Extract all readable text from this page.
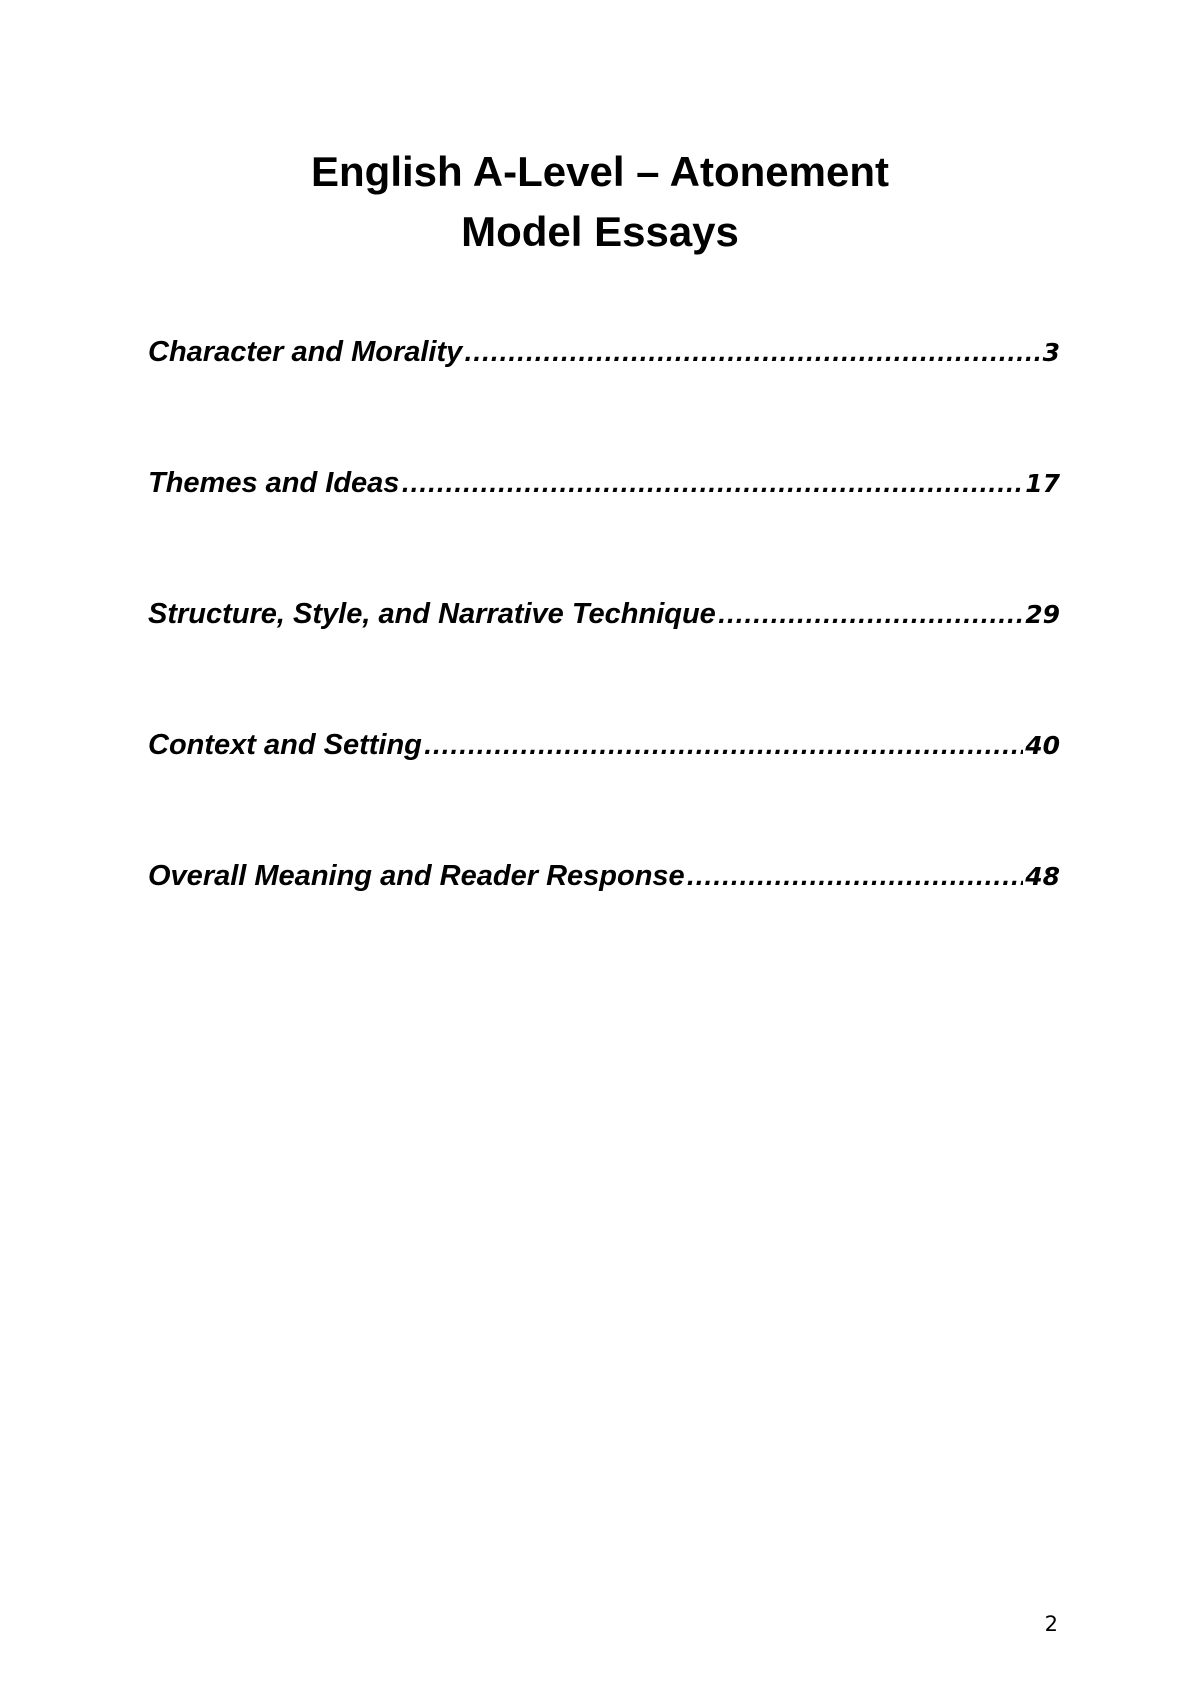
English A-Level – Atonement
Model Essays
Character and Morality .....	3
Themes and Ideas .....	17
Structure, Style, and Narrative Technique .....	29
Context and Setting .....	40
Overall Meaning and Reader Response .....	48
2
